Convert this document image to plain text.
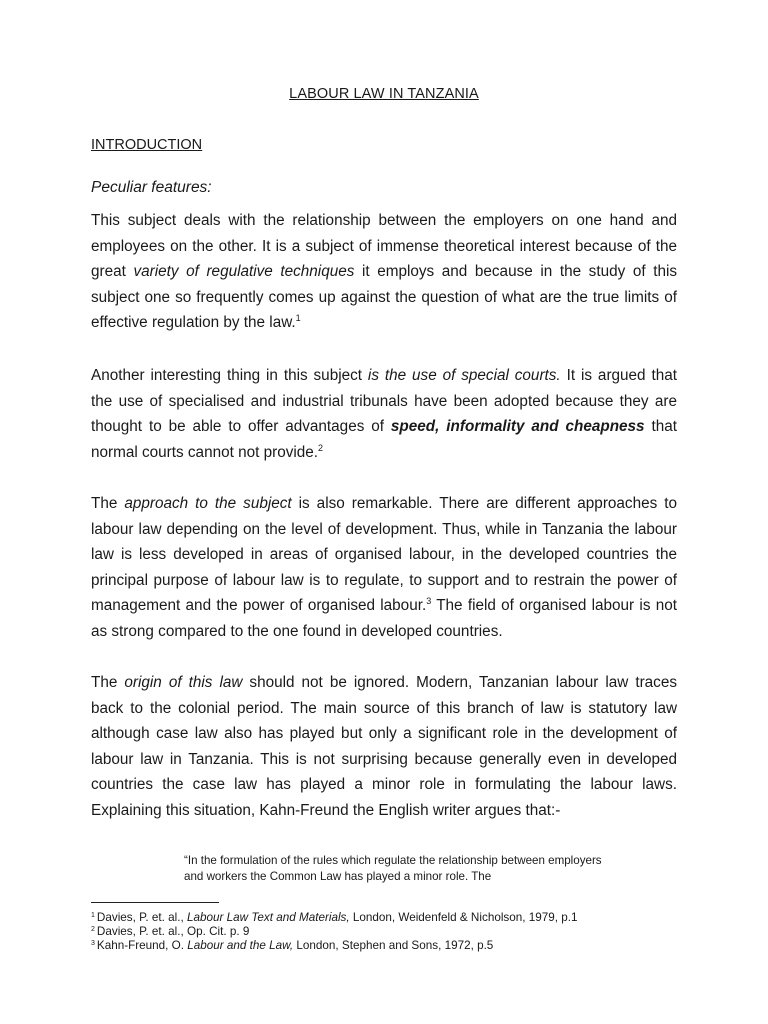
LABOUR LAW IN TANZANIA
INTRODUCTION
Peculiar features:

This subject deals with the relationship between the employers on one hand and employees on the other. It is a subject of immense theoretical interest because of the great variety of regulative techniques it employs and because in the study of this subject one so frequently comes up against the question of what are the true limits of effective regulation by the law.$^1$

Another interesting thing in this subject is the use of special courts. It is argued that the use of specialised and industrial tribunals have been adopted because they are thought to be able to offer advantages of speed, informality and cheapness that normal courts cannot not provide.$^2$

The approach to the subject is also remarkable. There are different approaches to labour law depending on the level of development. Thus, while in Tanzania the labour law is less developed in areas of organised labour, in the developed countries the principal purpose of labour law is to regulate, to support and to restrain the power of management and the power of organised labour.$^3$ The field of organised labour is not as strong compared to the one found in developed countries.

The origin of this law should not be ignored. Modern, Tanzanian labour law traces back to the colonial period. The main source of this branch of law is statutory law although case law also has played but only a significant role in the development of labour law in Tanzania. This is not surprising because generally even in developed countries the case law has played a minor role in formulating the labour laws. Explaining this situation, Kahn-Freund the English writer argues that:-

“In the formulation of the rules which regulate the relationship between employers and workers the Common Law has played a minor role. The

$^1$ Davies, P. et. al., Labour Law Text and Materials, London, Weidenfeld & Nicholson, 1979, p.1

$^2$ Davies, P. et. al., Op. Cit. p. 9

$^3$ Kahn-Freund, O. Labour and the Law, London, Stephen and Sons, 1972, p.5
